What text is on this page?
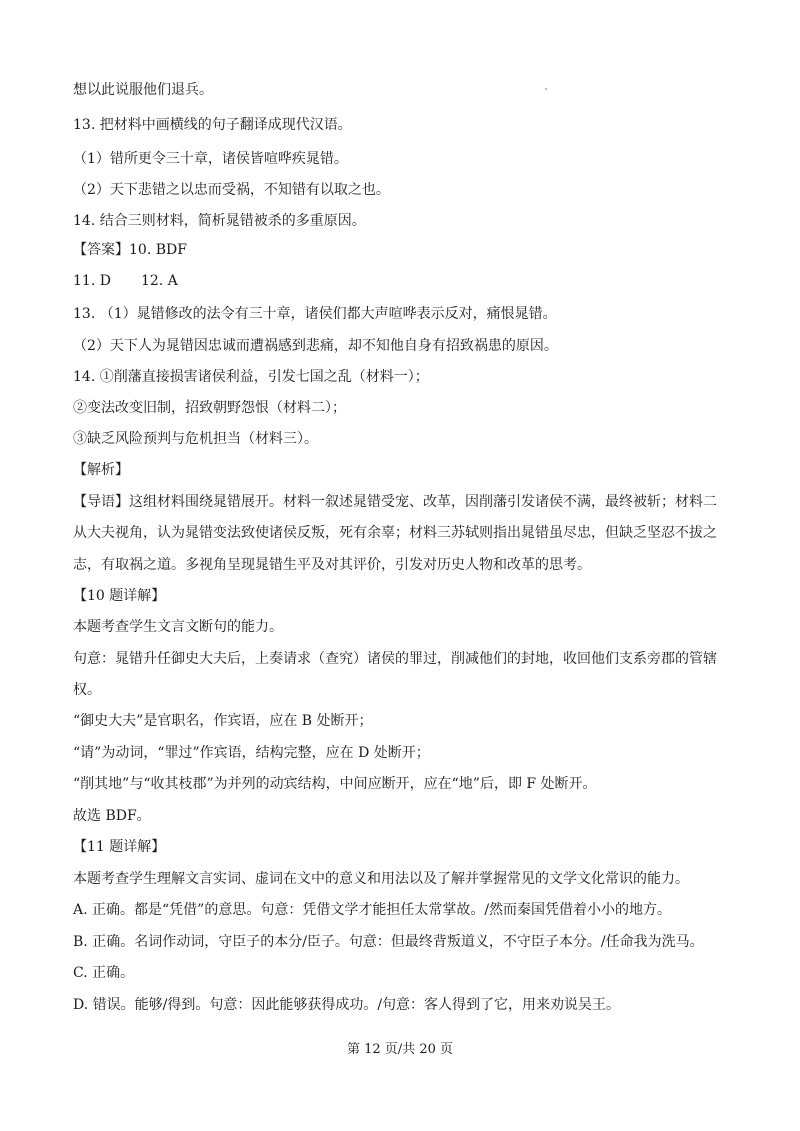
想以此说服他们退兵。
13. 把材料中画横线的句子翻译成现代汉语。
（1）错所更令三十章，诸侯皆喧哗疾晁错。
（2）天下悲错之以忠而受祸，不知错有以取之也。
14. 结合三则材料，简析晁错被杀的多重原因。
【答案】10. BDF
11. D 12. A
13. （1）晁错修改的法令有三十章，诸侯们都大声喧哗表示反对，痛恨晁错。
（2）天下人为晁错因忠诚而遭祸感到悲痛，却不知他自身有招致祸患的原因。
14. ①削藩直接损害诸侯利益，引发七国之乱（材料一）；
②变法改变旧制，招致朝野怨恨（材料二）；
③缺乏风险预判与危机担当（材料三）。
【解析】
【导语】这组材料围绕晁错展开。材料一叙述晁错受宠、改革，因削藩引发诸侯不满，最终被斩；材料二
从大夫视角，认为晁错变法致使诸侯反叛，死有余辜；材料三苏轼则指出晁错虽尽忠，但缺乏坚忍不拔之
志，有取祸之道。多视角呈现晁错生平及对其评价，引发对历史人物和改革的思考。
【10 题详解】
本题考查学生文言文断句的能力。
句意：晁错升任御史大夫后，上奏请求（查究）诸侯的罪过，削减他们的封地，收回他们支系旁郡的管辖
权。
“御史大夫”是官职名，作宾语，应在 B 处断开；
“请”为动词，“罪过”作宾语，结构完整，应在 D 处断开；
“削其地”与“收其枝郡”为并列的动宾结构，中间应断开，应在“地”后，即 F 处断开。
故选 BDF。
【11 题详解】
本题考查学生理解文言实词、虚词在文中的意义和用法以及了解并掌握常见的文学文化常识的能力。
A. 正确。都是“凭借”的意思。句意：凭借文学才能担任太常掌故。/然而秦国凭借着小小的地方。
B. 正确。名词作动词，守臣子的本分/臣子。句意：但最终背叛道义，不守臣子本分。/任命我为洗马。
C. 正确。
D. 错误。能够/得到。句意：因此能够获得成功。/句意：客人得到了它，用来劝说吴王。
第 12 页/共 20 页
